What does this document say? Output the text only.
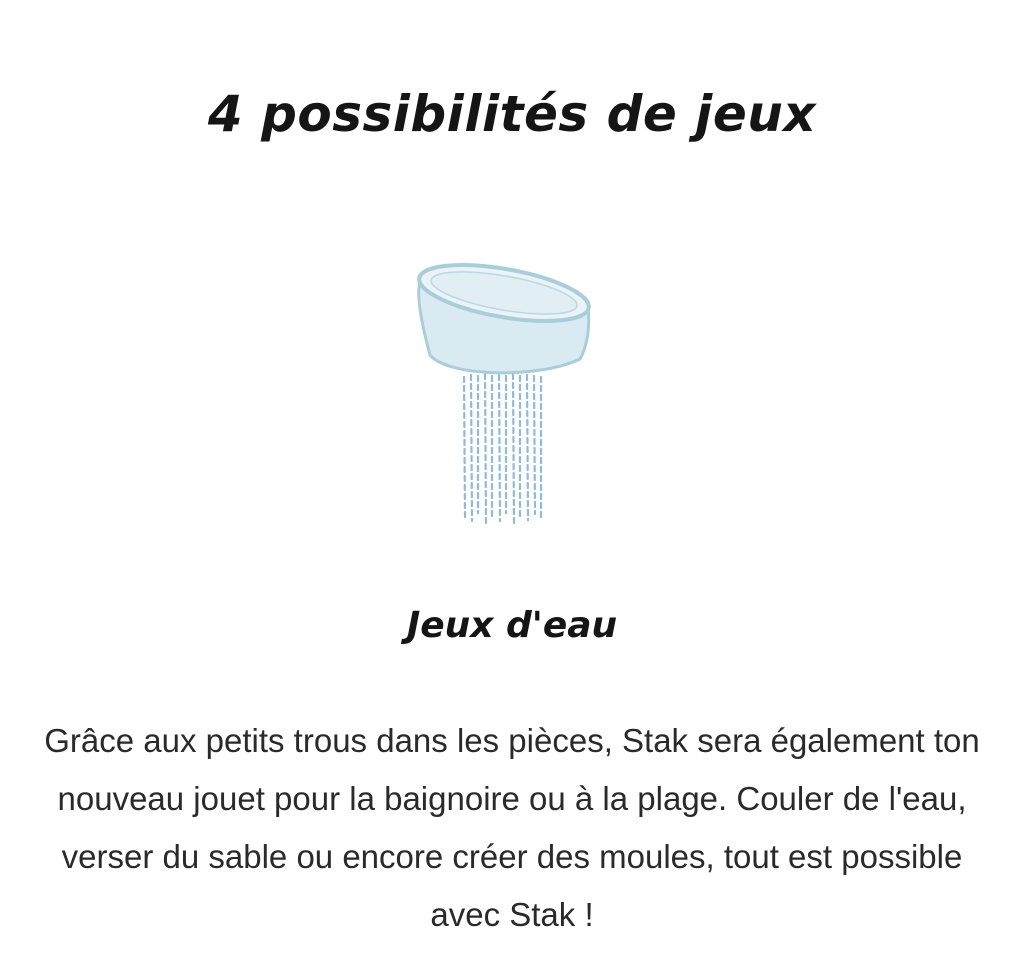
4 possibilités de jeux
Jeux d'eau

Grâce aux petits trous dans les pièces, Stak sera également ton nouveau jouet pour la baignoire ou à la plage. Couler de l'eau, verser du sable ou encore créer des moules, tout est possible avec Stak !
